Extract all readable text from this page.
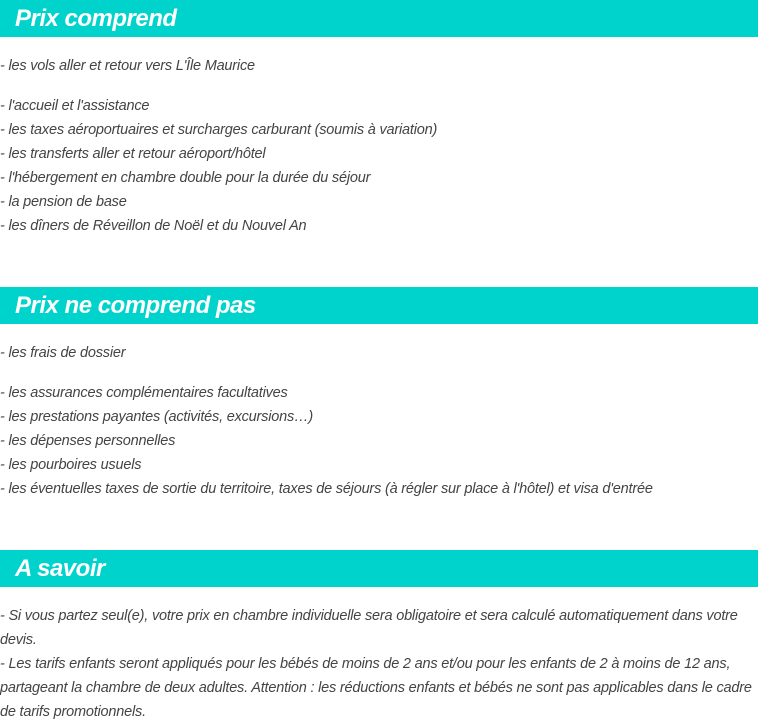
Prix comprend
- les vols aller et retour vers L'Île Maurice
- l'accueil et l'assistance
- les taxes aéroportuaires et surcharges carburant (soumis à variation)
- les transferts aller et retour aéroport/hôtel
- l'hébergement en chambre double pour la durée du séjour
- la pension de base
- les dîners de Réveillon de Noël et du Nouvel An
Prix ne comprend pas
- les frais de dossier
- les assurances complémentaires facultatives
- les prestations payantes (activités, excursions…)
- les dépenses personnelles
- les pourboires usuels
- les éventuelles taxes de sortie du territoire, taxes de séjours (à régler sur place à l'hôtel) et visa d'entrée
A savoir
- Si vous partez seul(e), votre prix en chambre individuelle sera obligatoire et sera calculé automatiquement dans votre devis.
- Les tarifs enfants seront appliqués pour les bébés de moins de 2 ans et/ou pour les enfants de 2 à moins de 12 ans, partageant la chambre de deux adultes. Attention : les réductions enfants et bébés ne sont pas applicables dans le cadre de tarifs promotionnels.
